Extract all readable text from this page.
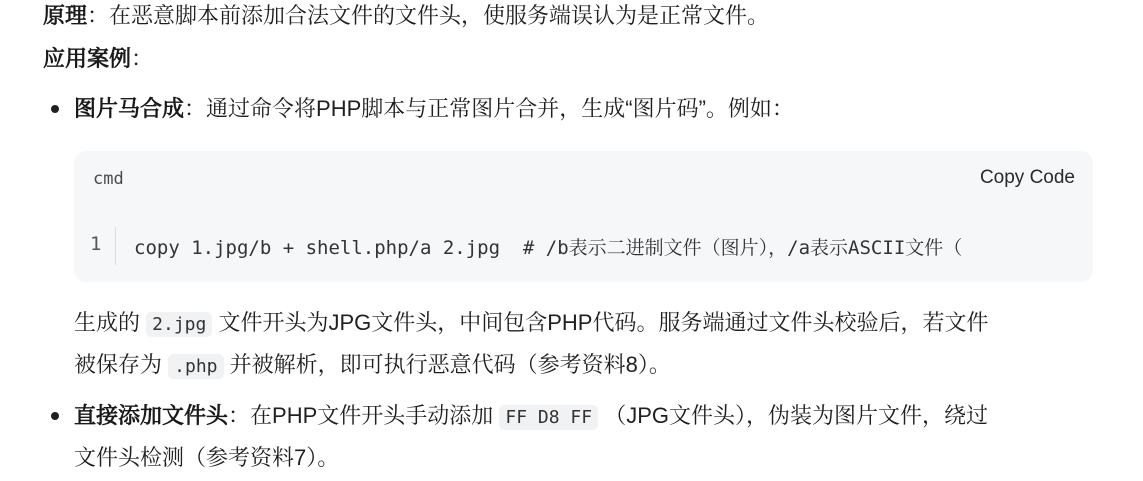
原理：在恶意脚本前添加合法文件的文件头，使服务端误认为是正常文件。
应用案例：
图片马合成：通过命令将PHP脚本与正常图片合并，生成“图片码”。例如：
cmd	Copy Code
1 copy 1.jpg/b + shell.php/a 2.jpg  # /b表示二进制文件（图片），/a表示ASCII文件（
生成的 2.jpg 文件开头为JPG文件头，中间包含PHP代码。服务端通过文件头校验后，若文件
被保存为 .php 并被解析，即可执行恶意代码（参考资料8）。
直接添加文件头：在PHP文件开头手动添加 FF D8 FF （JPG文件头），伪装为图片文件，绕过
文件头检测（参考资料7）。
